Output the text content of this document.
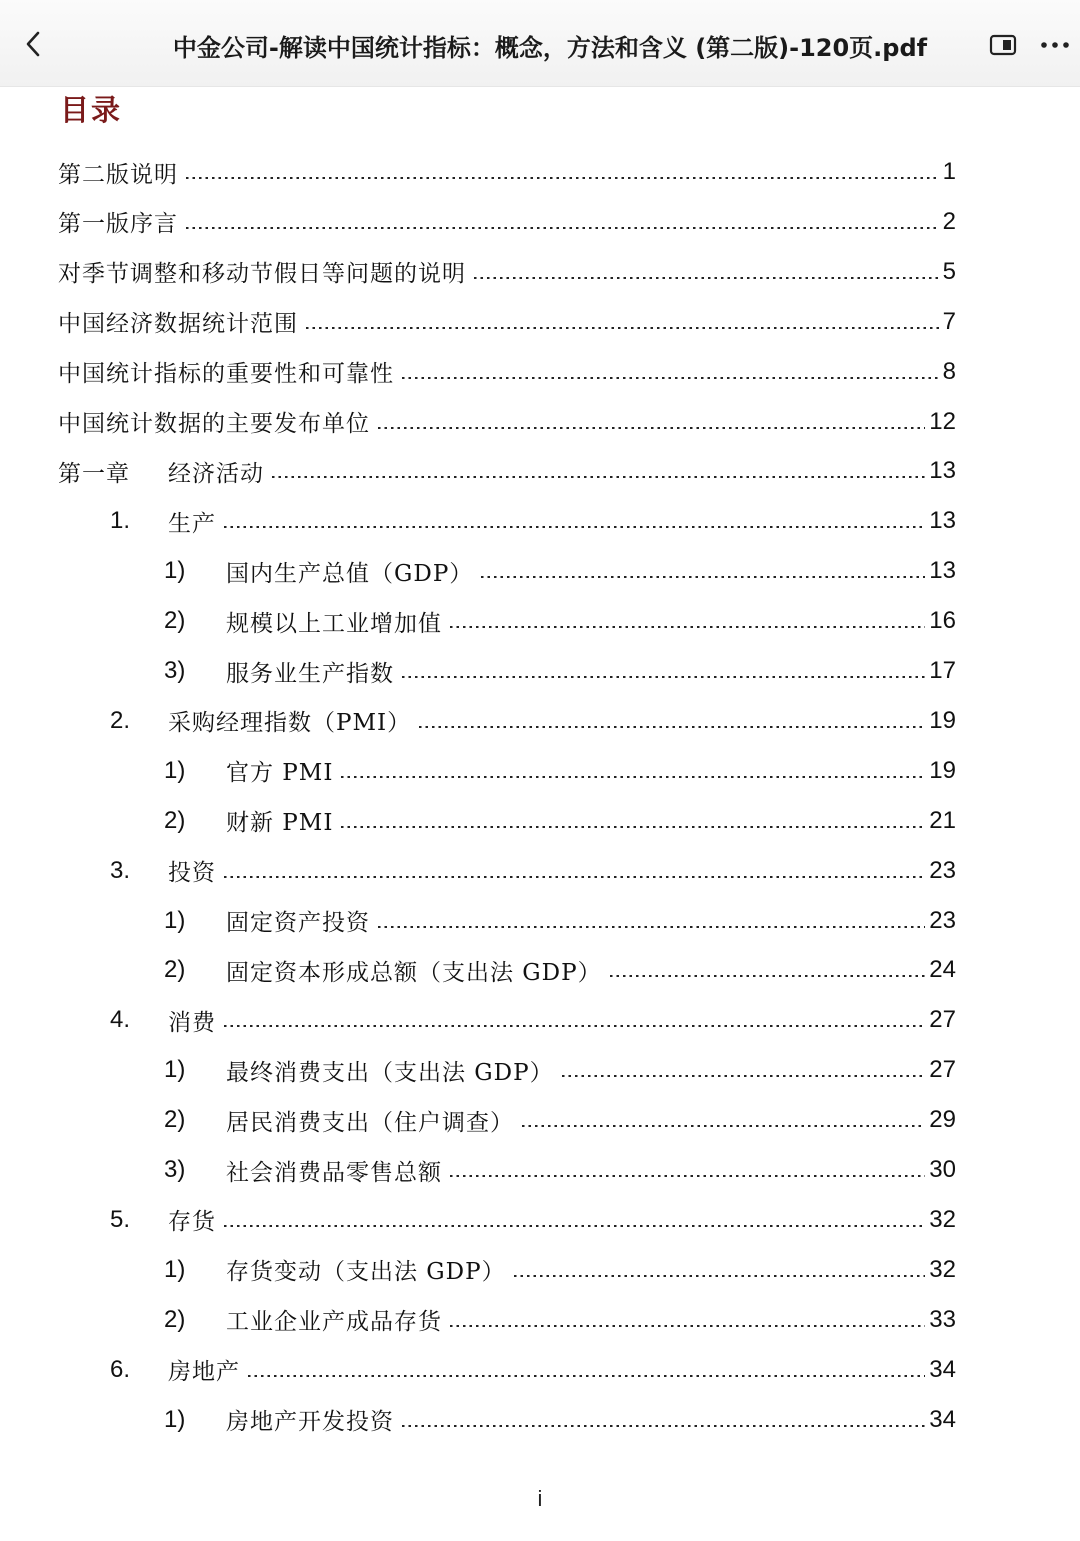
中金公司-解读中国统计指标：概念，方法和含义 (第二版)-120页.pdf
目录
第二版说明	1
第一版序言	2
对季节调整和移动节假日等问题的说明	5
中国经济数据统计范围	7
中国统计指标的重要性和可靠性	8
中国统计数据的主要发布单位	12
第一章	经济活动	13
1.	生产	13
1)	国内生产总值（GDP）	13
2)	规模以上工业增加值	16
3)	服务业生产指数	17
2.	采购经理指数（PMI）	19
1)	官方 PMI	19
2)	财新 PMI	21
3.	投资	23
1)	固定资产投资	23
2)	固定资本形成总额（支出法 GDP）	24
4.	消费	27
1)	最终消费支出（支出法 GDP）	27
2)	居民消费支出（住户调查）	29
3)	社会消费品零售总额	30
5.	存货	32
1)	存货变动（支出法 GDP）	32
2)	工业企业产成品存货	33
6.	房地产	34
1)	房地产开发投资	34
i
